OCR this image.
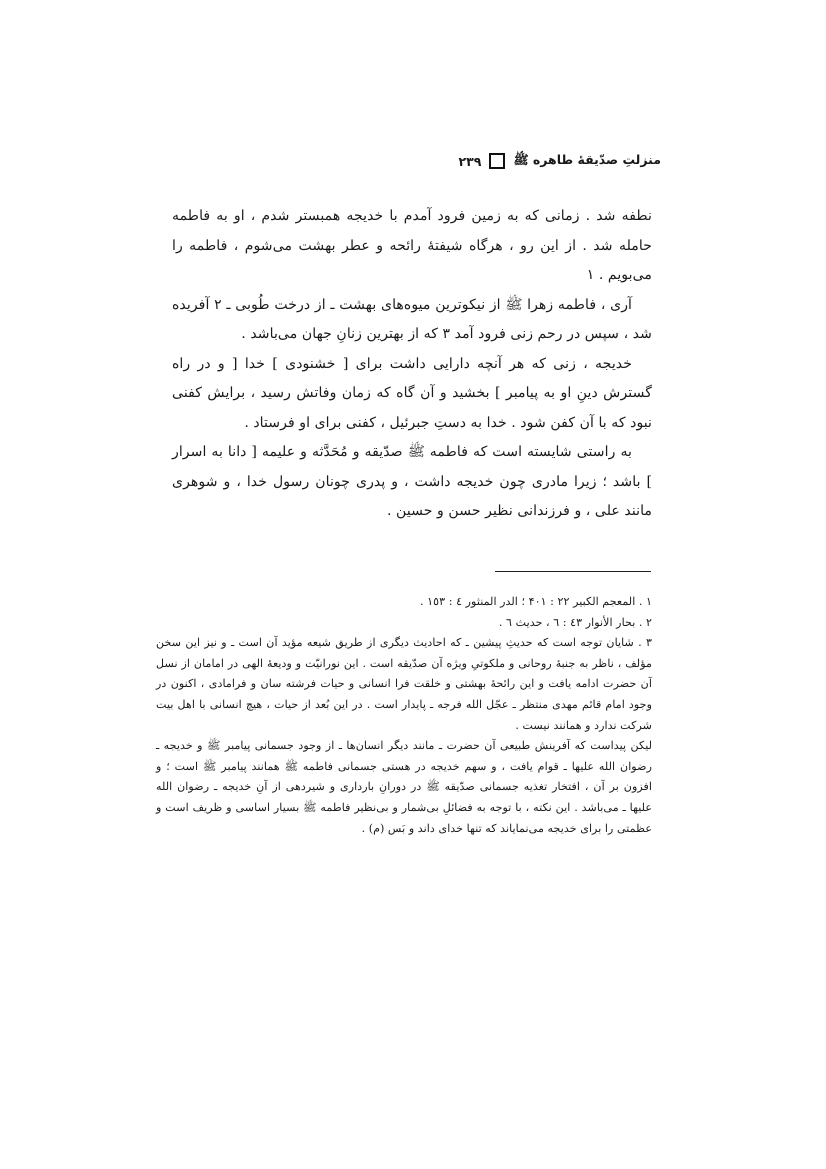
منزلتِ صدّیقهٔ طاهره ﷺ
۲۳۹

نطفه شد . زمانی که به زمین فرود آمدم با خدیجه همبستر شدم ، او به فاطمه حامله شد . از این رو ، هرگاه شیفتهٔ رائحه و عطر بهشت می‌شوم ، فاطمه را می‌بویم . ۱

آری ، فاطمه زهرا ﷺ از نیکوترین میوه‌های بهشت ـ از درخت طُوبی ـ ۲ آفریده شد ، سپس در رحم زنی فرود آمد ۳ که از بهترین زنانِ جهان می‌باشد .

خدیجه ، زنی که هر آنچه دارایی داشت برای [ خشنودی ] خدا [ و در راه گسترش دینِ او به پیامبر ] بخشید و آن گاه که زمان وفاتش رسید ، برایش کفنی نبود که با آن کفن شود . خدا به دستِ جبرئیل ، کفنی برای او فرستاد .

به راستی شایسته است که فاطمه ﷺ صدّیقه و مُحَدَّثه و علیمه [ دانا به اسرار ] باشد ؛ زیرا مادری چون خدیجه داشت ، و پدری چونان رسول خدا ، و شوهری مانند علی ، و فرزندانی نظیر حسن و حسین .

۱ . المعجم الکبیر ۲۲ : ۴۰۱ ؛ الدر المنثور ٤ : ۱٥۳ .

۲ . بحار الأنوار ٤۳ : ٦ ، حدیث ٦ .

۳ . شایان توجه است که حدیثِ پیشین ـ که احادیث دیگری از طریق شیعه مؤید آن است ـ و نیز این سخن مؤلف ، ناظر به جنبهٔ روحانی و ملکوتیِ ویژه آن صدّیقه است . این نورانیّت و ودیعهٔ الهی در امامان از نسل آن حضرت ادامه یافت و این رائحهٔ بهشتی و خلقت فرا انسانی و حیات فرشته سان و فرامادی ، اکنون در وجود امام قائم مهدی منتظر ـ عجّل الله فرجه ـ پایدار است . در این بُعد از حیات ، هیچ انسانی با اهل بیت شرکت ندارد و همانند نیست .

لیکن پیداست که آفرینش طبیعی آن حضرت ـ مانند دیگر انسان‌ها ـ از وجود جسمانی پیامبر ﷺ و خدیجه ـ رضوان الله علیها ـ قوام یافت ، و سهم خدیجه در هستی جسمانی فاطمه ﷺ همانند پیامبر ﷺ است ؛ و افزون بر آن ، افتخار تغذیه جسمانی صدّیقه ﷺ در دورانِ بارداری و شیردهی از آنِ خدیجه ـ رضوان الله علیها ـ می‌باشد . این نکته ، با توجه به فضائلِ بی‌شمار و بی‌نظیر فاطمه ﷺ بسیار اساسی و ظریف است و عظمتی را برای خدیجه می‌نمایاند که تنها خدای داند و بَس (م) .
